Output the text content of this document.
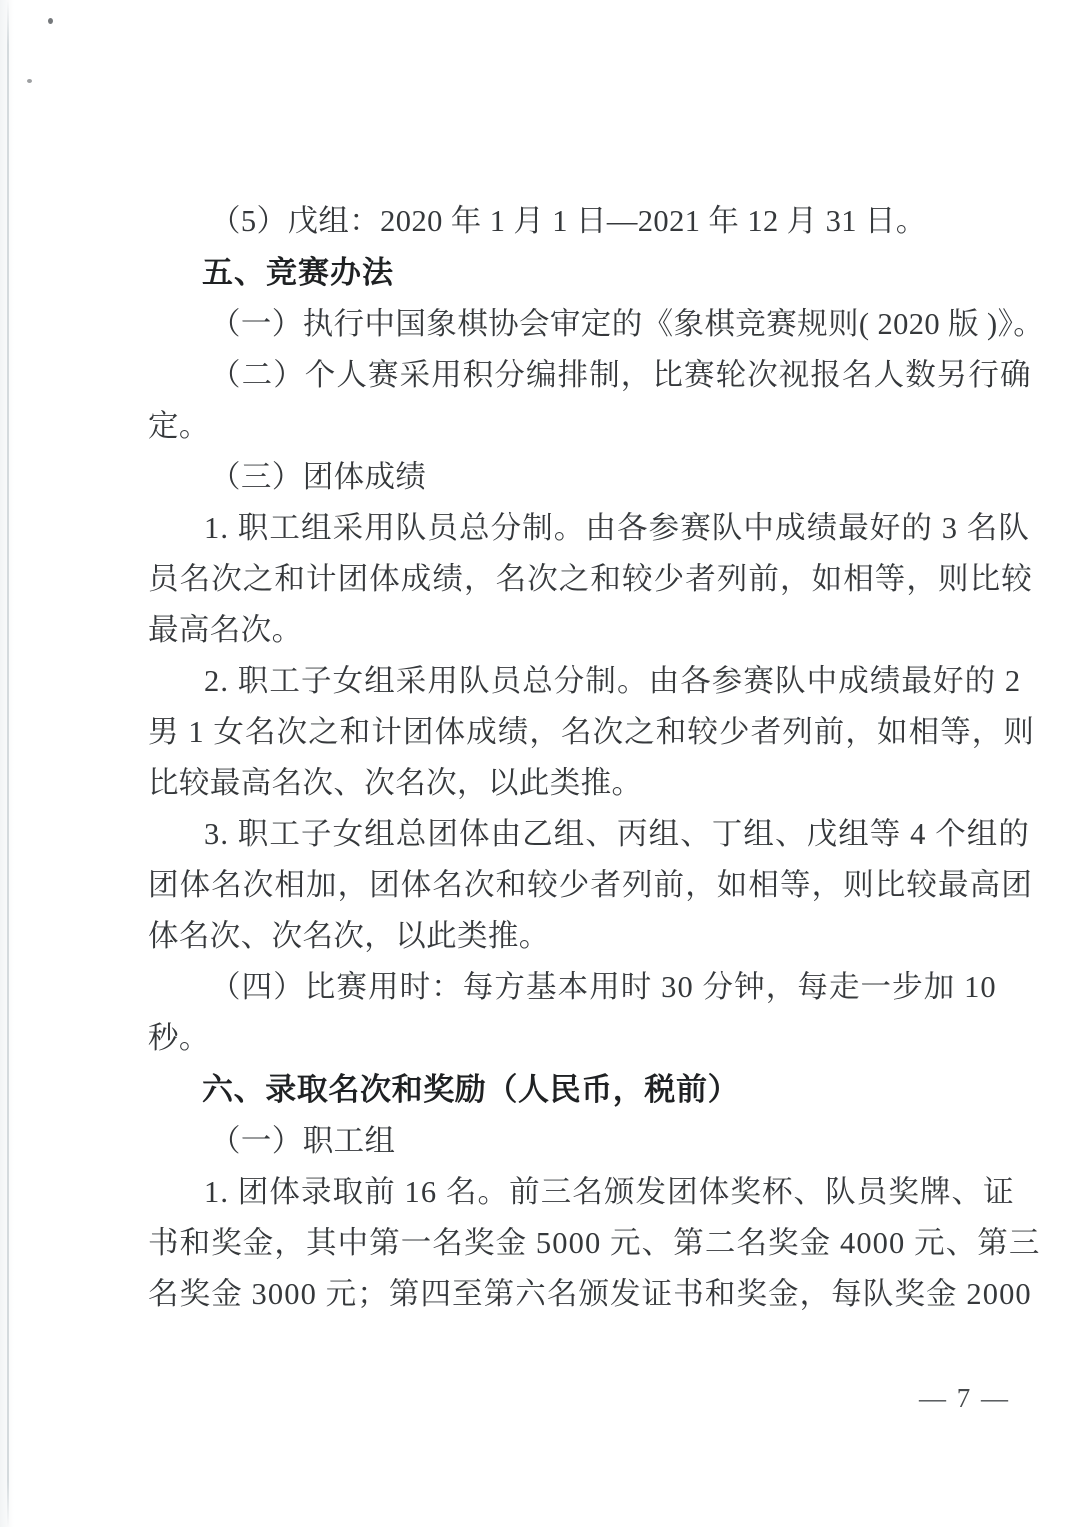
（5）戊组：2020 年 1 月 1 日—2021 年 12 月 31 日。
五、竞赛办法
（一）执行中国象棋协会审定的《象棋竞赛规则( 2020 版 )》。
（二）个人赛采用积分编排制，比赛轮次视报名人数另行确
定。
（三）团体成绩
1. 职工组采用队员总分制。由各参赛队中成绩最好的 3 名队
员名次之和计团体成绩，名次之和较少者列前，如相等，则比较
最高名次。
2. 职工子女组采用队员总分制。由各参赛队中成绩最好的 2
男 1 女名次之和计团体成绩，名次之和较少者列前，如相等，则
比较最高名次、次名次，以此类推。
3. 职工子女组总团体由乙组、丙组、丁组、戊组等 4 个组的
团体名次相加，团体名次和较少者列前，如相等，则比较最高团
体名次、次名次，以此类推。
（四）比赛用时：每方基本用时 30 分钟，每走一步加 10
秒。
六、录取名次和奖励（人民币，税前）
（一）职工组
1. 团体录取前 16 名。前三名颁发团体奖杯、队员奖牌、证
书和奖金，其中第一名奖金 5000 元、第二名奖金 4000 元、第三
名奖金 3000 元；第四至第六名颁发证书和奖金，每队奖金 2000
— 7 —
